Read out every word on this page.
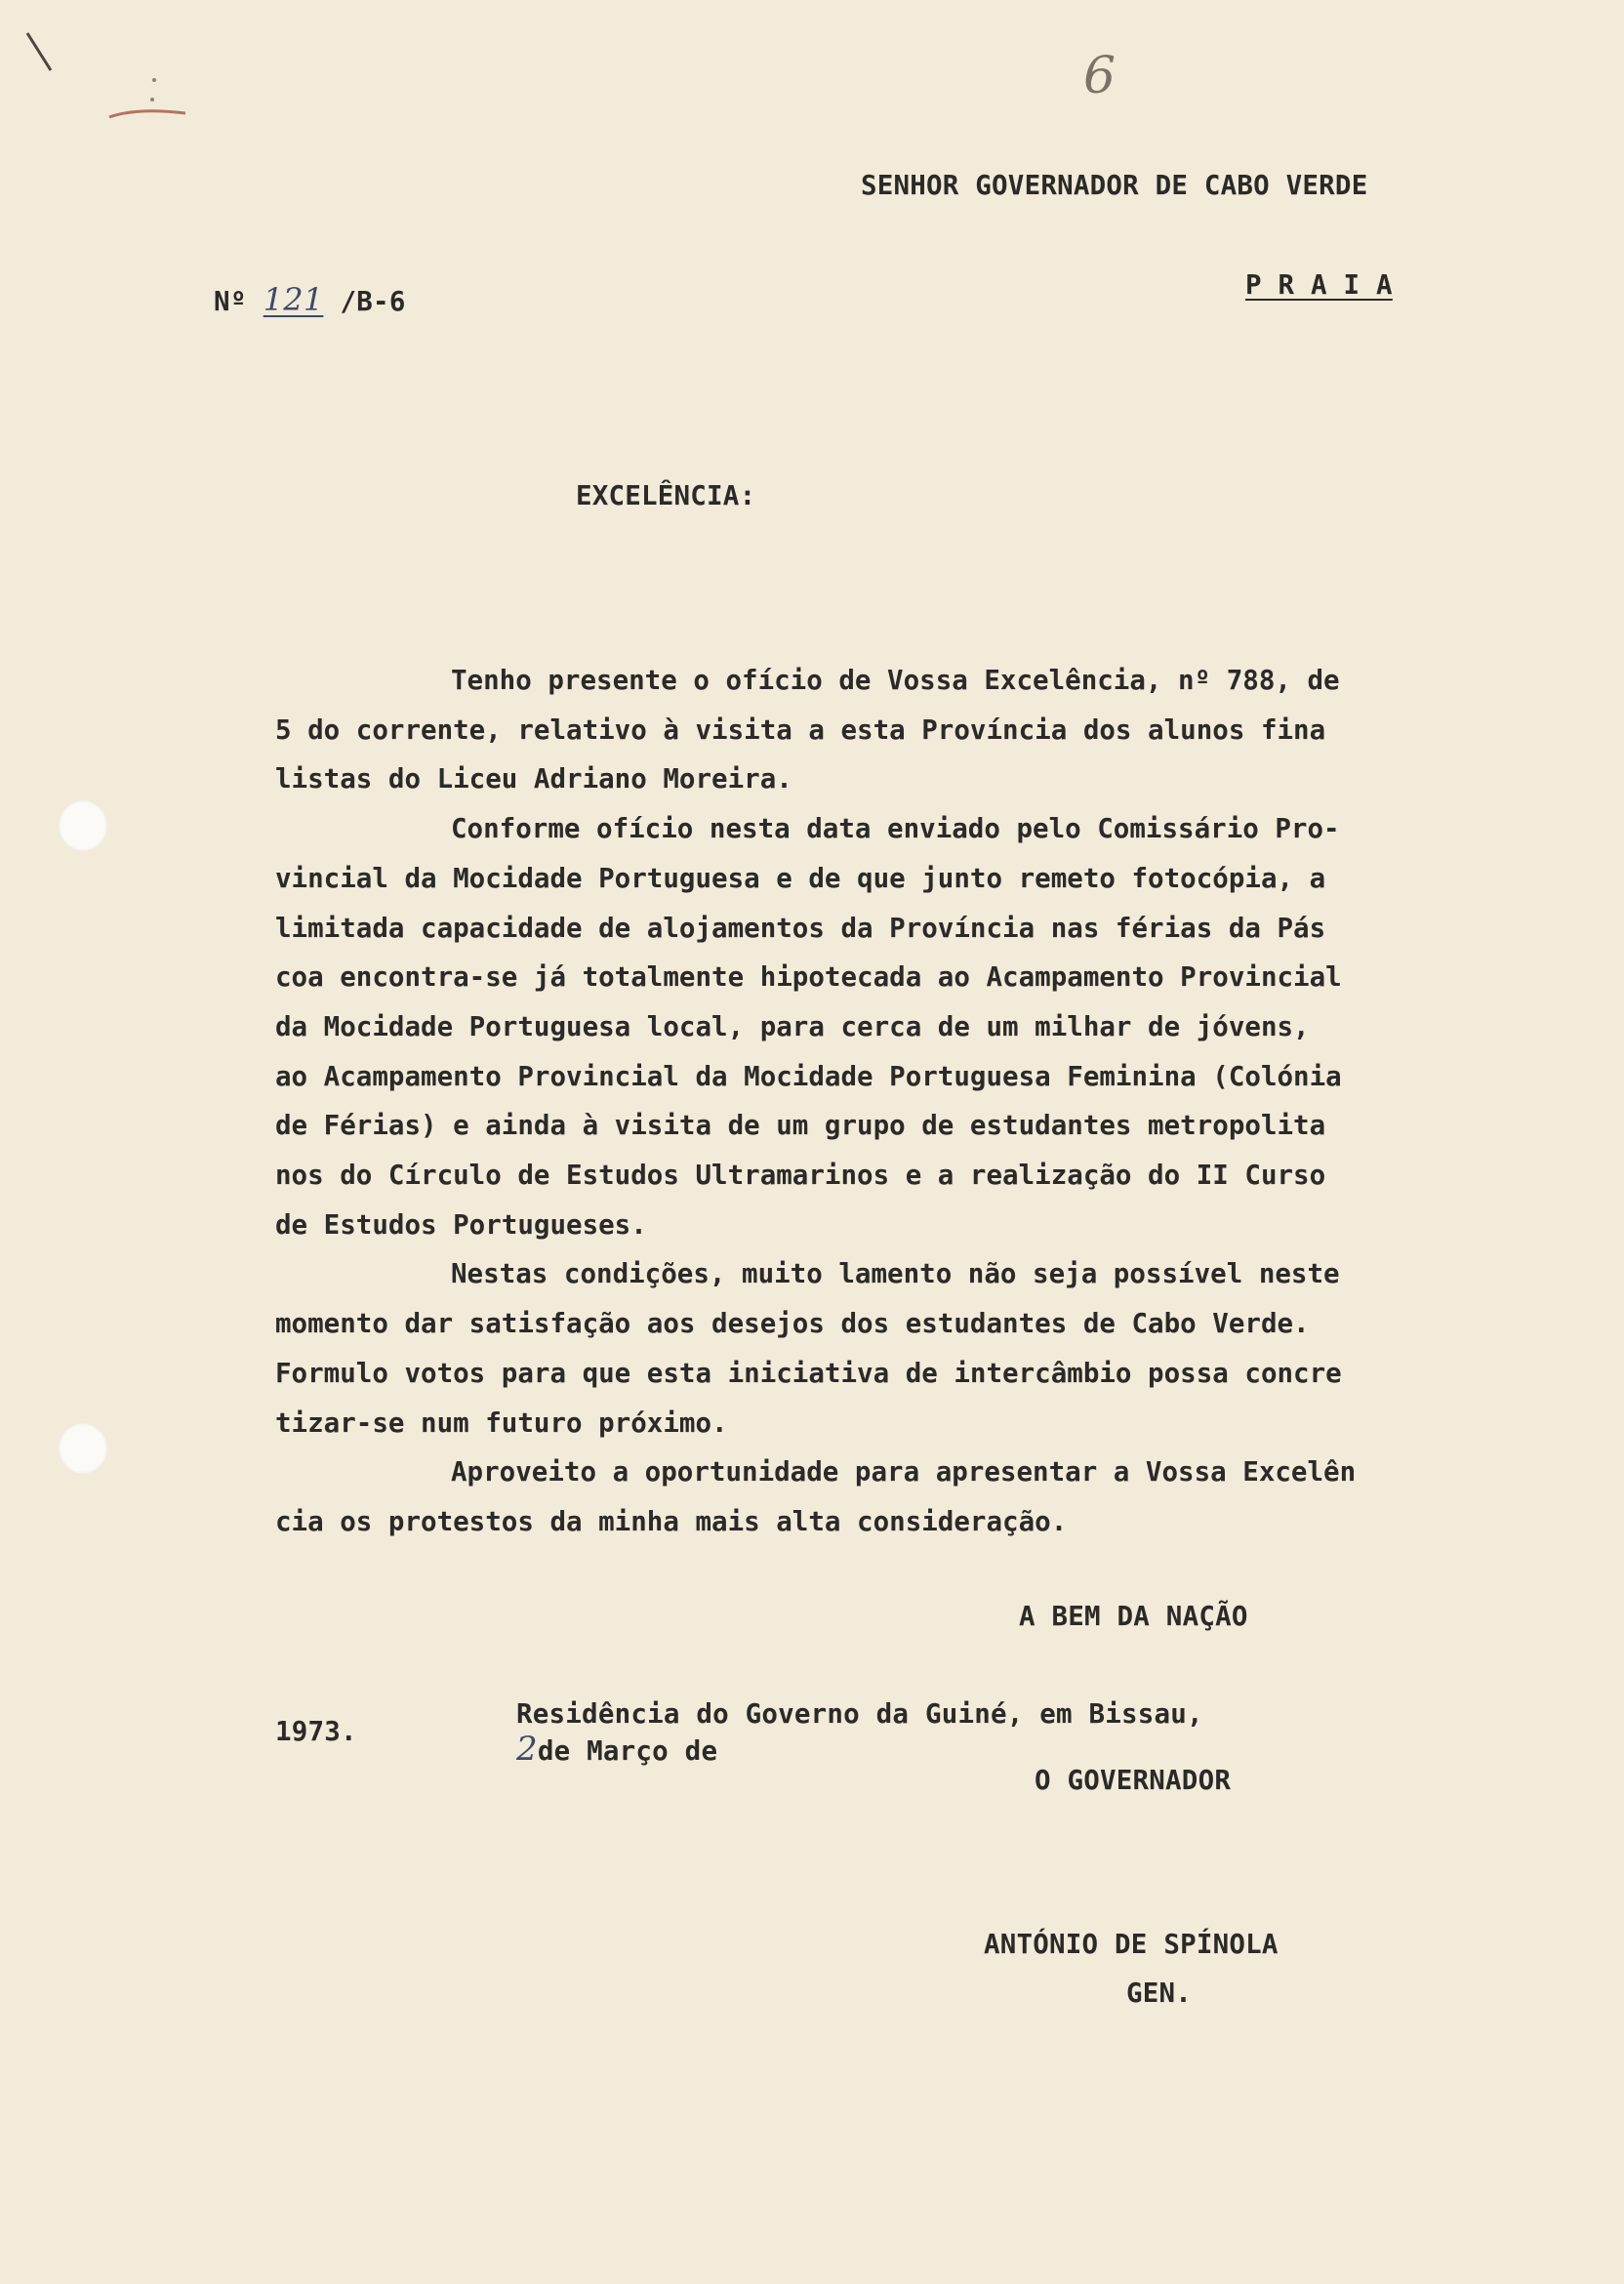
6
SENHOR GOVERNADOR DE CABO VERDE

Nº 121 /B-6

P R A I A
EXCELÊNCIA:
Tenho presente o ofício de Vossa Excelência, nº 788, de
5 do corrente, relativo à visita a esta Província dos alunos fina
listas do Liceu Adriano Moreira.
Conforme ofício nesta data enviado pelo Comissário Pro-
vincial da Mocidade Portuguesa e de que junto remeto fotocópia, a
limitada capacidade de alojamentos da Província nas férias da Pás
coa encontra-se já totalmente hipotecada ao Acampamento Provincial
da Mocidade Portuguesa local, para cerca de um milhar de jóvens,
ao Acampamento Provincial da Mocidade Portuguesa Feminina (Colónia
de Férias) e ainda à visita de um grupo de estudantes metropolita
nos do Círculo de Estudos Ultramarinos e a realização do II Curso
de Estudos Portugueses.
Nestas condições, muito lamento não seja possível neste
momento dar satisfação aos desejos dos estudantes de Cabo Verde.
Formulo votos para que esta iniciativa de intercâmbio possa concre
tizar-se num futuro próximo.
Aproveito a oportunidade para apresentar a Vossa Excelên
cia os protestos da minha mais alta consideração.
A BEM DA NAÇÃO

Residência do Governo da Guiné, em Bissau,
2de Março de

1973.
O GOVERNADOR
ANTÓNIO DE SPÍNOLA
GEN.
